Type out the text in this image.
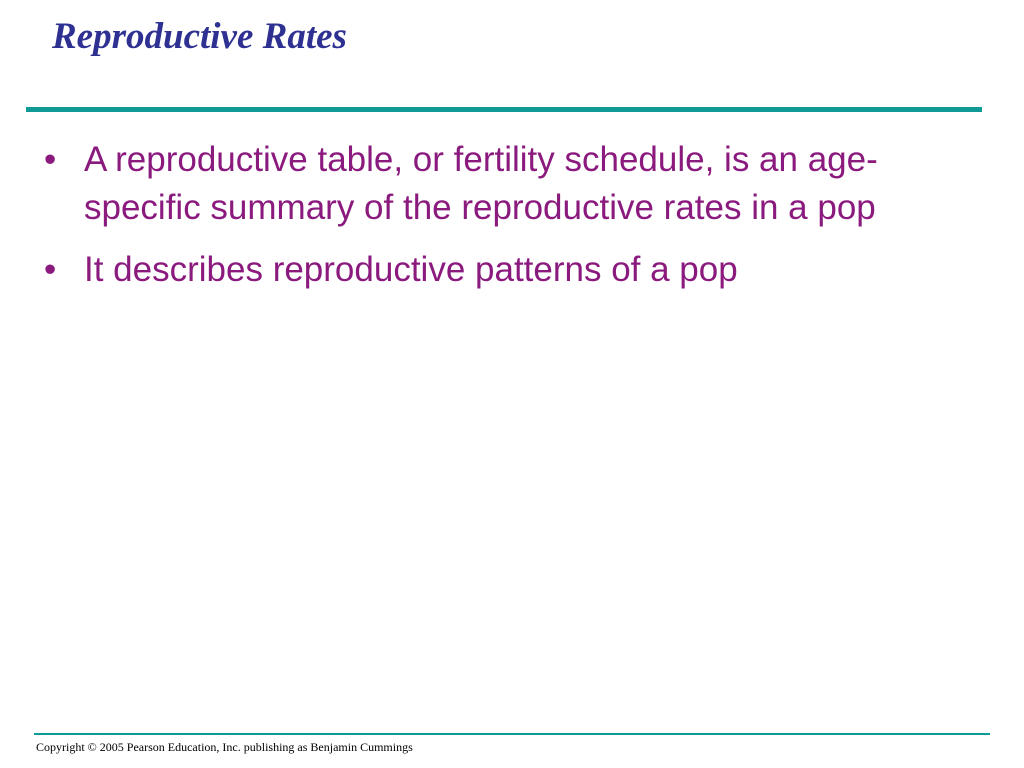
Reproductive Rates
• A reproductive table, or fertility schedule, is an age-specific summary of the reproductive rates in a pop
• It describes reproductive patterns of a pop
Copyright © 2005 Pearson Education, Inc. publishing as Benjamin Cummings
